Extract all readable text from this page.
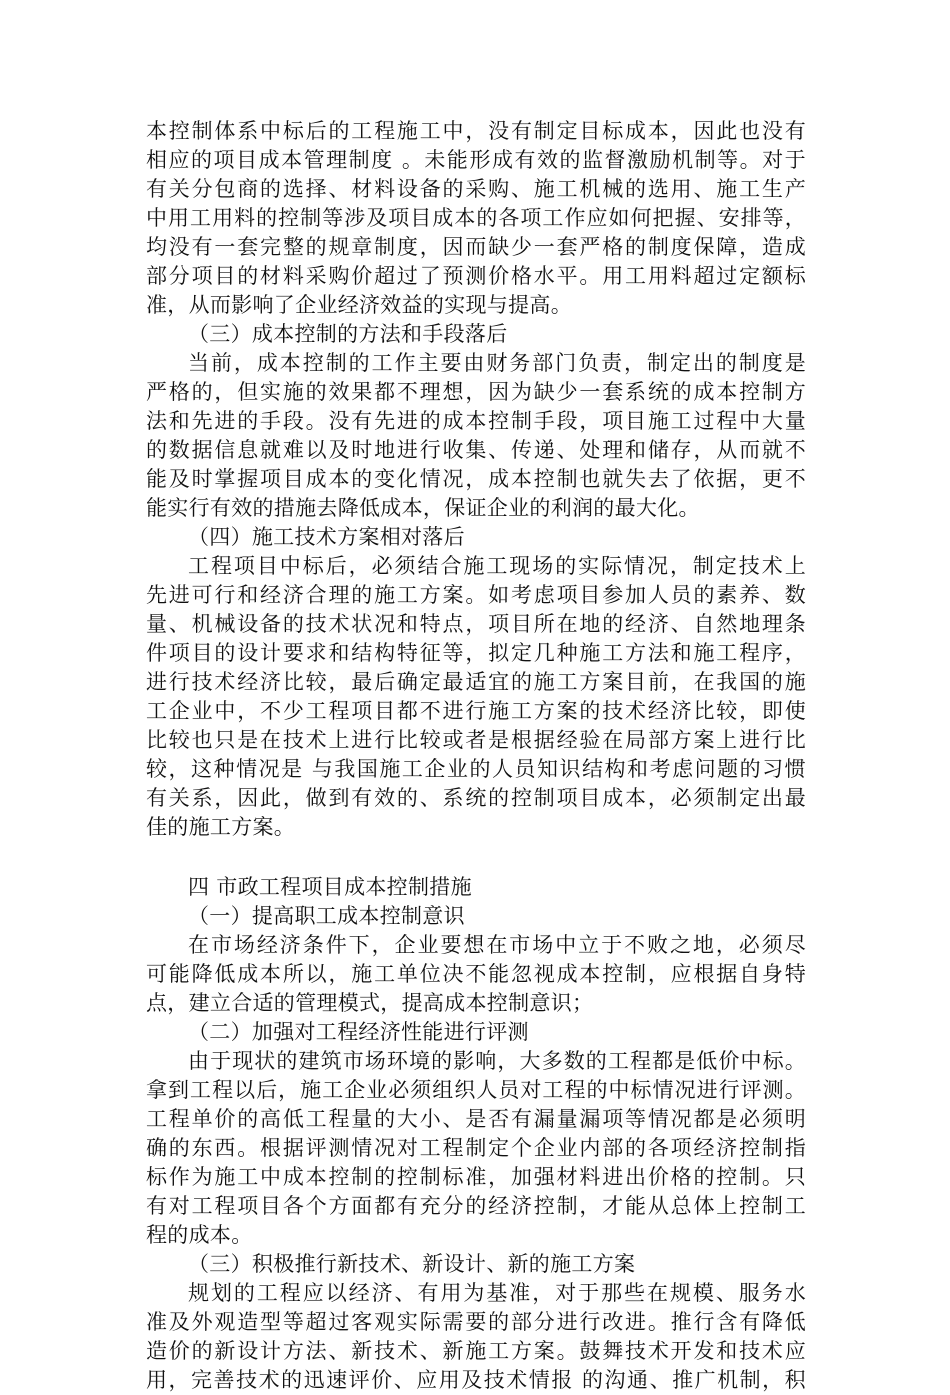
本控制体系中标后的工程施工中，没有制定目标成本，因此也没有
相应的项目成本管理制度 。未能形成有效的监督激励机制等。对于
有关分包商的选择、材料设备的采购、施工机械的选用、施工生产
中用工用料的控制等涉及项目成本的各项工作应如何把握、安排等，
均没有一套完整的规章制度，因而缺少一套严格的制度保障，造成
部分项目的材料采购价超过了预测价格水平。用工用料超过定额标
准，从而影响了企业经济效益的实现与提高。
（三）成本控制的方法和手段落后
当前，成本控制的工作主要由财务部门负责，制定出的制度是
严格的，但实施的效果都不理想，因为缺少一套系统的成本控制方
法和先进的手段。没有先进的成本控制手段，项目施工过程中大量
的数据信息就难以及时地进行收集、传递、处理和储存，从而就不
能及时掌握项目成本的变化情况，成本控制也就失去了依据，更不
能实行有效的措施去降低成本，保证企业的利润的最大化。
（四）施工技术方案相对落后
工程项目中标后，必须结合施工现场的实际情况，制定技术上
先进可行和经济合理的施工方案。如考虑项目参加人员的素养、数
量、机械设备的技术状况和特点，项目所在地的经济、自然地理条
件项目的设计要求和结构特征等，拟定几种施工方法和施工程序，
进行技术经济比较，最后确定最适宜的施工方案目前，在我国的施
工企业中，不少工程项目都不进行施工方案的技术经济比较，即使
比较也只是在技术上进行比较或者是根据经验在局部方案上进行比
较，这种情况是 与我国施工企业的人员知识结构和考虑问题的习惯
有关系，因此，做到有效的、系统的控制项目成本，必须制定出最
佳的施工方案。
四 市政工程项目成本控制措施
（一）提高职工成本控制意识
在市场经济条件下，企业要想在市场中立于不败之地，必须尽
可能降低成本所以，施工单位决不能忽视成本控制，应根据自身特
点，建立合适的管理模式，提高成本控制意识；
（二）加强对工程经济性能进行评测
由于现状的建筑市场环境的影响，大多数的工程都是低价中标。
拿到工程以后，施工企业必须组织人员对工程的中标情况进行评测。
工程单价的高低工程量的大小、是否有漏量漏项等情况都是必须明
确的东西。根据评测情况对工程制定个企业内部的各项经济控制指
标作为施工中成本控制的控制标准，加强材料进出价格的控制。只
有对工程项目各个方面都有充分的经济控制，才能从总体上控制工
程的成本。
（三）积极推行新技术、新设计、新的施工方案
规划的工程应以经济、有用为基准，对于那些在规模、服务水
准及外观造型等超过客观实际需要的部分进行改进。推行含有降低
造价的新设计方法、新技术、新施工方案。鼓舞技术开发和技术应
用，完善技术的迅速评价、应用及技术情报 的沟通、推广机制，积
